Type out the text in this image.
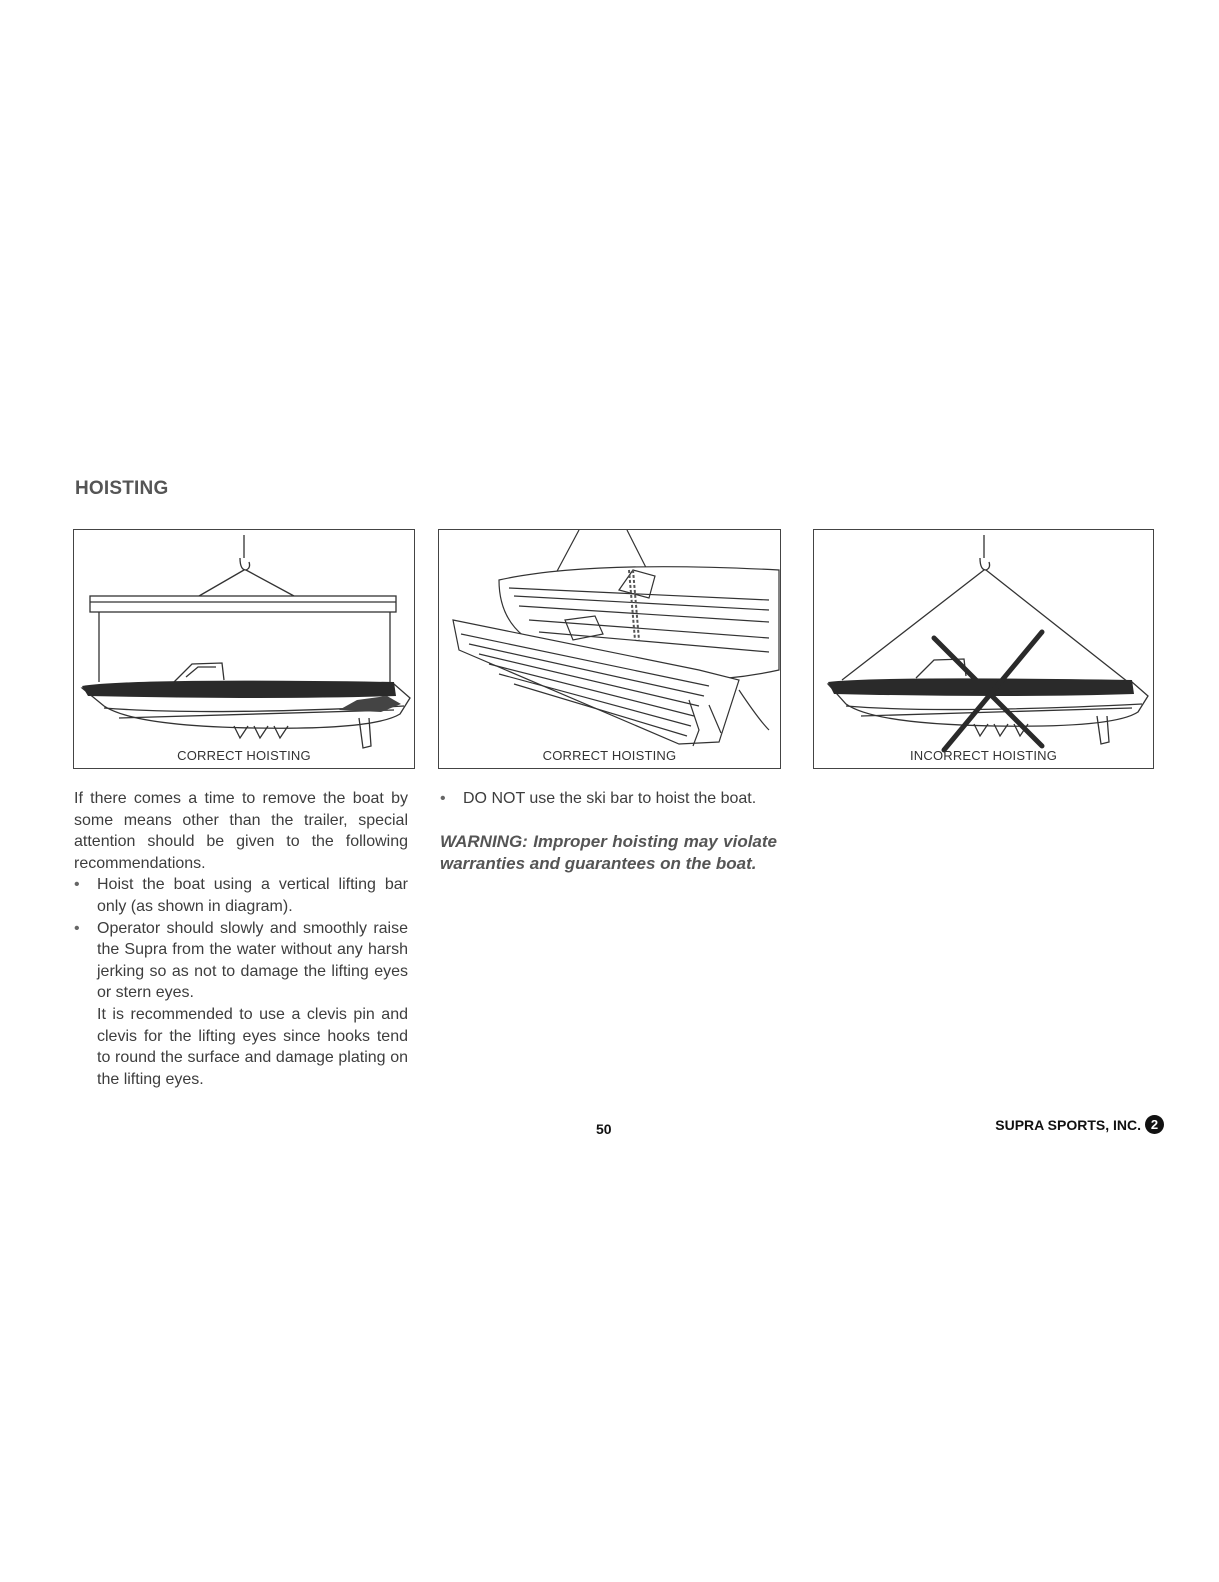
HOISTING
CORRECT HOISTING	CORRECT HOISTING	INCORRECT HOISTING

If there comes a time to remove the boat by some means other than the trailer, special attention should be given to the following recommendations.

• Hoist the boat using a vertical lifting bar only (as shown in diagram).
• Operator should slowly and smoothly raise the Supra from the water without any harsh jerking so as not to damage the lifting eyes or stern eyes.

It is recommended to use a clevis pin and clevis for the lifting eyes since hooks tend to round the surface and damage plating on the lifting eyes.

• DO NOT use the ski bar to hoist the boat.

WARNING: Improper hoisting may violate warranties and guarantees on the boat.

50	SUPRA SPORTS, INC. 2
